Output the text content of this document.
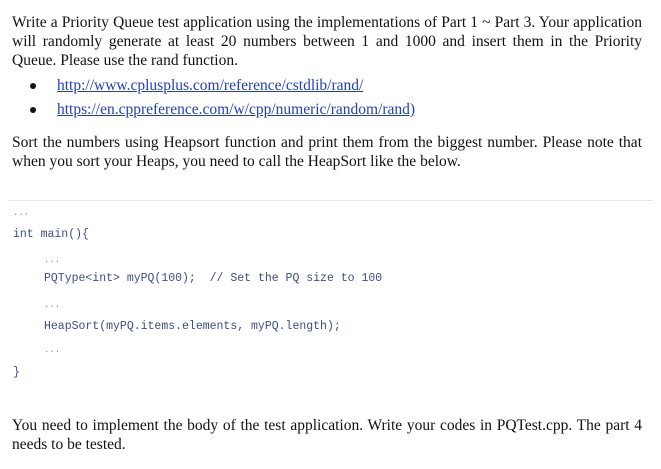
Write a Priority Queue test application using the implementations of Part 1 ~ Part 3. Your application will randomly generate at least 20 numbers between 1 and 1000 and insert them in the Priority Queue. Please use the rand function.

http://www.cplusplus.com/reference/cstdlib/rand/
https://en.cppreference.com/w/cpp/numeric/random/rand)

Sort the numbers using Heapsort function and print them from the biggest number. Please note that when you sort your Heaps, you need to call the HeapSort like the below.

...
int main(){
...
PQType<int> myPQ(100); // Set the PQ size to 100
...
HeapSort(myPQ.items.elements, myPQ.length);
...
}

You need to implement the body of the test application. Write your codes in PQTest.cpp. The part 4 needs to be tested.
